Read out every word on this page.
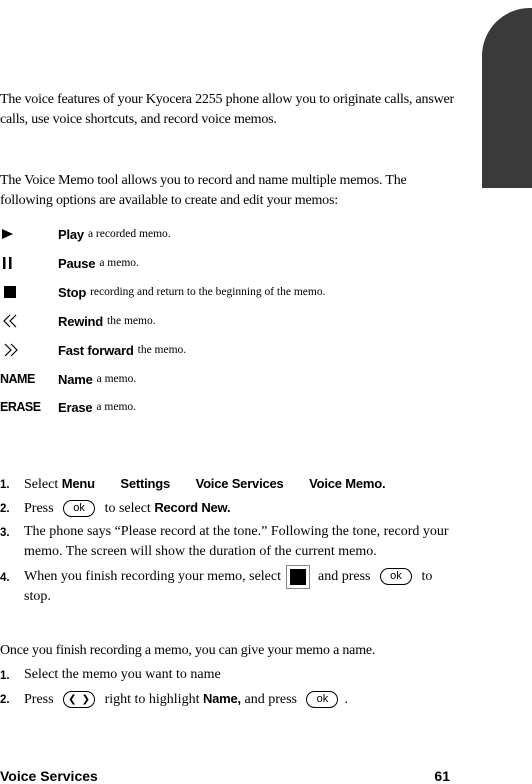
The voice features of your Kyocera 2255 phone allow you to originate calls, answer calls, use voice shortcuts, and record voice memos.
The Voice Memo tool allows you to record and name multiple memos. The following options are available to create and edit your memos:
Play a recorded memo.
Pause a memo.
Stop recording and return to the beginning of the memo.
Rewind the memo.
Fast forward the memo.
NAME	Name a memo.
ERASE	Erase a memo.
1.	Select Menu Settings Voice Services Voice Memo.
2.	Press ok to select Record New.
3.	The phone says “Please record at the tone.” Following the tone, record your memo. The screen will show the duration of the current memo.
4.	When you finish recording your memo, select	and press ok to stop.
Once you finish recording a memo, you can give your memo a name.
1.	Select the memo you want to name
2.	Press ❮ ❯ right to highlight Name, and press ok .
Voice Services	61
